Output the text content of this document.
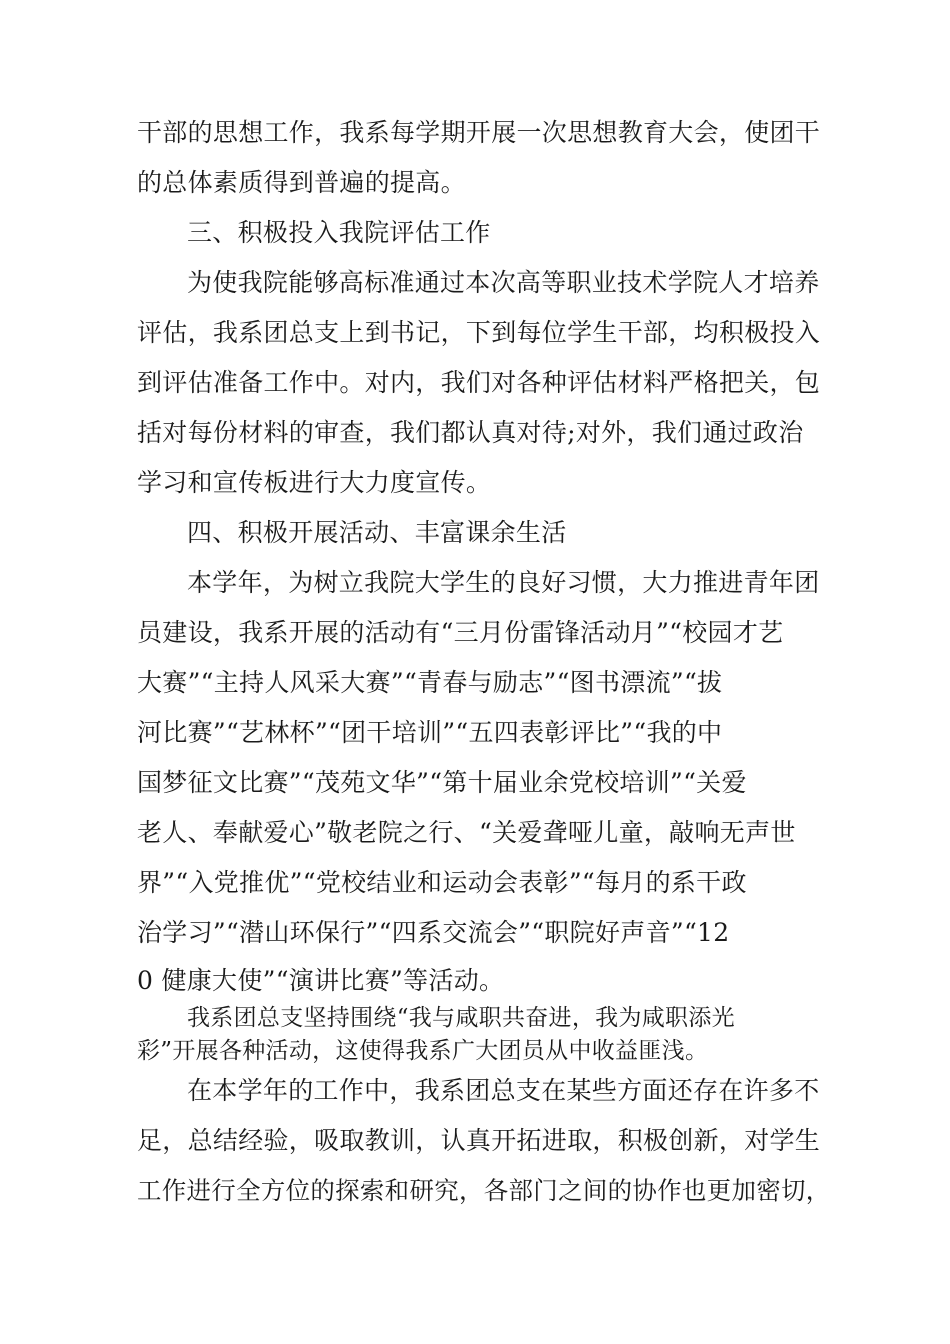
干部的思想工作，我系每学期开展一次思想教育大会，使团干
的总体素质得到普遍的提高。
三、积极投入我院评估工作
为使我院能够高标准通过本次高等职业技术学院人才培养
评估，我系团总支上到书记，下到每位学生干部，均积极投入
到评估准备工作中。对内，我们对各种评估材料严格把关，包
括对每份材料的审查，我们都认真对待;对外，我们通过政治
学习和宣传板进行大力度宣传。
四、积极开展活动、丰富课余生活
本学年，为树立我院大学生的良好习惯，大力推进青年团
员建设，我系开展的活动有“三月份雷锋活动月”“校园才艺
大赛”“主持人风采大赛”“青春与励志”“图书漂流”“拔
河比赛”“艺林杯”“团干培训”“五四表彰评比”“我的中
国梦征文比赛”“茂苑文华”“第十届业余党校培训”“关爱
老人、奉献爱心”敬老院之行、“关爱聋哑儿童，敲响无声世
界”“入党推优”“党校结业和运动会表彰”“每月的系干政
治学习”“潜山环保行”“四系交流会”“职院好声音”“12
0 健康大使”“演讲比赛”等活动。
我系团总支坚持围绕“我与咸职共奋进，我为咸职添光
彩”开展各种活动，这使得我系广大团员从中收益匪浅。
在本学年的工作中，我系团总支在某些方面还存在许多不
足，总结经验，吸取教训，认真开拓进取，积极创新，对学生
工作进行全方位的探索和研究，各部门之间的协作也更加密切，
